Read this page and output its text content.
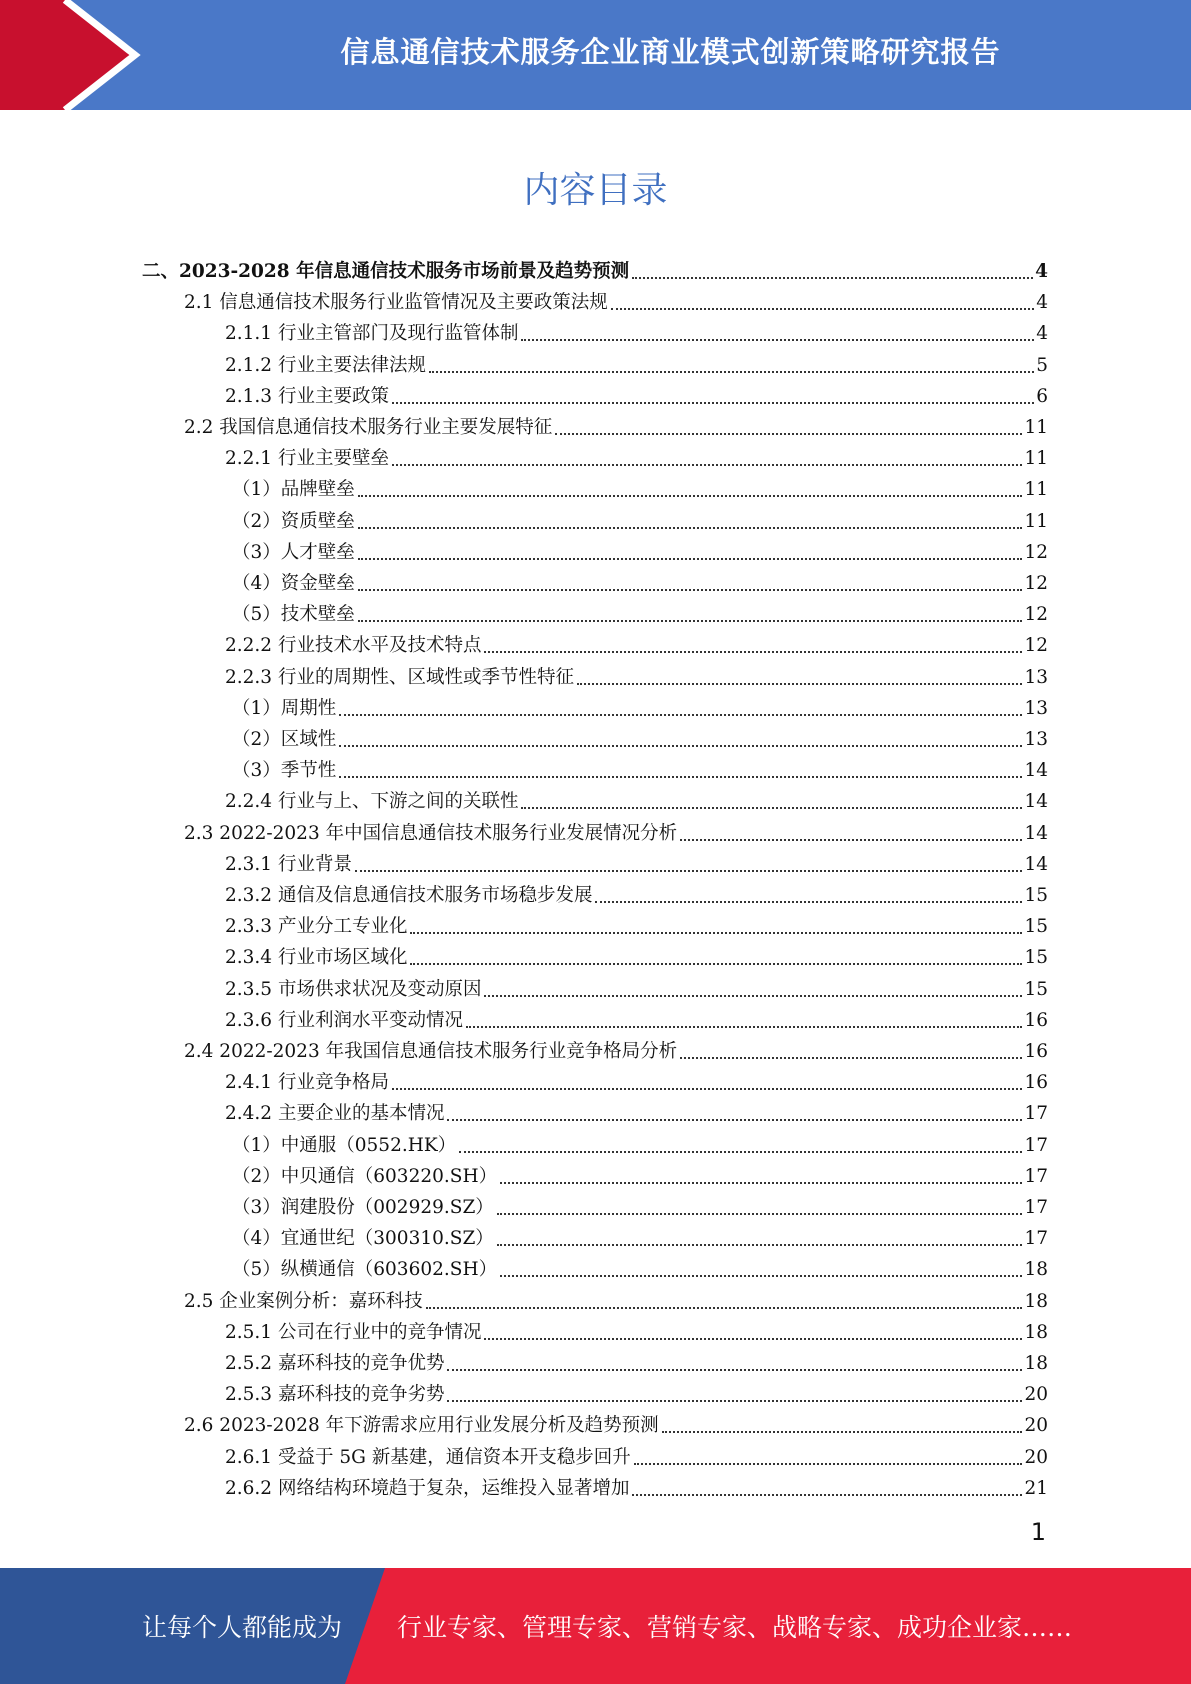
信息通信技术服务企业商业模式创新策略研究报告
内容目录
二、2023-2028 年信息通信技术服务市场前景及趋势预测	4
2.1 信息通信技术服务行业监管情况及主要政策法规	4
2.1.1 行业主管部门及现行监管体制	4
2.1.2 行业主要法律法规	5
2.1.3 行业主要政策	6
2.2 我国信息通信技术服务行业主要发展特征	11
2.2.1 行业主要壁垒	11
（1）品牌壁垒	11
（2）资质壁垒	11
（3）人才壁垒	12
（4）资金壁垒	12
（5）技术壁垒	12
2.2.2 行业技术水平及技术特点	12
2.2.3 行业的周期性、区域性或季节性特征	13
（1）周期性	13
（2）区域性	13
（3）季节性	14
2.2.4 行业与上、下游之间的关联性	14
2.3 2022-2023 年中国信息通信技术服务行业发展情况分析	14
2.3.1 行业背景	14
2.3.2 通信及信息通信技术服务市场稳步发展	15
2.3.3 产业分工专业化	15
2.3.4 行业市场区域化	15
2.3.5 市场供求状况及变动原因	15
2.3.6 行业利润水平变动情况	16
2.4 2022-2023 年我国信息通信技术服务行业竞争格局分析	16
2.4.1 行业竞争格局	16
2.4.2 主要企业的基本情况	17
（1）中通服（0552.HK）	17
（2）中贝通信（603220.SH）	17
（3）润建股份（002929.SZ）	17
（4）宜通世纪（300310.SZ）	17
（5）纵横通信（603602.SH）	18
2.5 企业案例分析：嘉环科技	18
2.5.1 公司在行业中的竞争情况	18
2.5.2 嘉环科技的竞争优势	18
2.5.3 嘉环科技的竞争劣势	20
2.6 2023-2028 年下游需求应用行业发展分析及趋势预测	20
2.6.1 受益于 5G 新基建，通信资本开支稳步回升	20
2.6.2 网络结构环境趋于复杂，运维投入显著增加	21
1
让每个人都能成为 行业专家、管理专家、营销专家、战略专家、成功企业家……
